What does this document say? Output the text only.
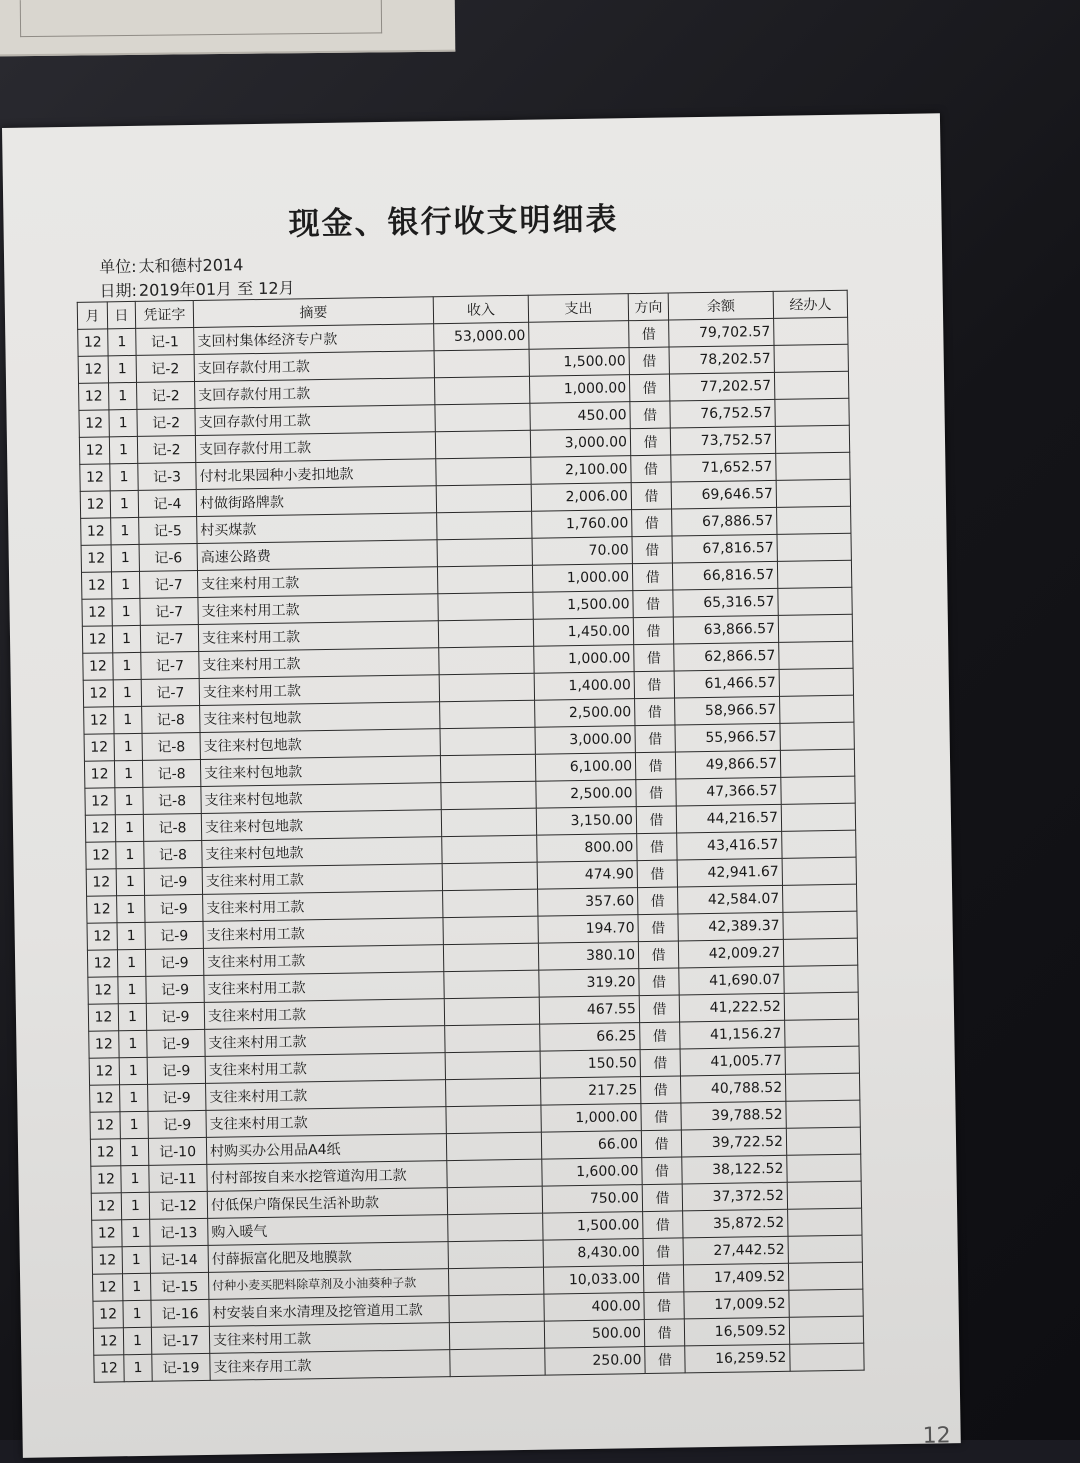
现金、银行收支明细表
单位: 太和德村2014
日期: 2019年01月 至 12月
月	日	凭证字	摘要	收入	支出	方向	余额	经办人
12	1	记-1	支回村集体经济专户款	53,000.00		借	79,702.57	
12	1	记-2	支回存款付用工款		1,500.00	借	78,202.57	
12	1	记-2	支回存款付用工款		1,000.00	借	77,202.57	
12	1	记-2	支回存款付用工款		450.00	借	76,752.57	
12	1	记-2	支回存款付用工款		3,000.00	借	73,752.57	
12	1	记-3	付村北果园种小麦扣地款		2,100.00	借	71,652.57	
12	1	记-4	村做街路牌款		2,006.00	借	69,646.57	
12	1	记-5	村买煤款		1,760.00	借	67,886.57	
12	1	记-6	高速公路费		70.00	借	67,816.57	
12	1	记-7	支往来村用工款		1,000.00	借	66,816.57	
12	1	记-7	支往来村用工款		1,500.00	借	65,316.57	
12	1	记-7	支往来村用工款		1,450.00	借	63,866.57	
12	1	记-7	支往来村用工款		1,000.00	借	62,866.57	
12	1	记-7	支往来村用工款		1,400.00	借	61,466.57	
12	1	记-8	支往来村包地款		2,500.00	借	58,966.57	
12	1	记-8	支往来村包地款		3,000.00	借	55,966.57	
12	1	记-8	支往来村包地款		6,100.00	借	49,866.57	
12	1	记-8	支往来村包地款		2,500.00	借	47,366.57	
12	1	记-8	支往来村包地款		3,150.00	借	44,216.57	
12	1	记-8	支往来村包地款		800.00	借	43,416.57	
12	1	记-9	支往来村用工款		474.90	借	42,941.67	
12	1	记-9	支往来村用工款		357.60	借	42,584.07	
12	1	记-9	支往来村用工款		194.70	借	42,389.37	
12	1	记-9	支往来村用工款		380.10	借	42,009.27	
12	1	记-9	支往来村用工款		319.20	借	41,690.07	
12	1	记-9	支往来村用工款		467.55	借	41,222.52	
12	1	记-9	支往来村用工款		66.25	借	41,156.27	
12	1	记-9	支往来村用工款		150.50	借	41,005.77	
12	1	记-9	支往来村用工款		217.25	借	40,788.52	
12	1	记-9	支往来村用工款		1,000.00	借	39,788.52	
12	1	记-10	村购买办公用品A4纸		66.00	借	39,722.52	
12	1	记-11	付村部按自来水挖管道沟用工款		1,600.00	借	38,122.52	
12	1	记-12	付低保户隋保民生活补助款		750.00	借	37,372.52	
12	1	记-13	购入暖气		1,500.00	借	35,872.52	
12	1	记-14	付薛振富化肥及地膜款		8,430.00	借	27,442.52	
12	1	记-15	付种小麦买肥料除草剂及小油葵种子款		10,033.00	借	17,409.52	
12	1	记-16	村安装自来水清理及挖管道用工款		400.00	借	17,009.52	
12	1	记-17	支往来村用工款		500.00	借	16,509.52	
12	1	记-19	支往来存用工款		250.00	借	16,259.52	
12
